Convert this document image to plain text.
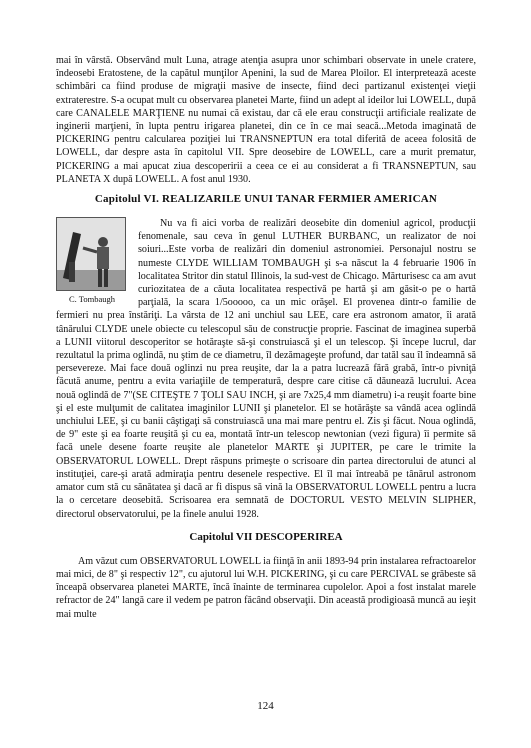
mai în vârstă. Observând mult Luna, atrage atenţia asupra unor schimbari observate in unele cratere, îndeosebi Eratostene, de la capătul munţilor Apenini, la sud de Marea Ploilor. El interpretează aceste schimbări ca fiind produse de migraţii masive de insecte, fiind deci partizanul existenţei vieţii extraterestre. S-a ocupat mult cu observarea planetei Marte, fiind un adept al ideilor lui LOWELL, după care CANALELE MARŢIENE nu numai că existau, dar că ele erau construcţii artificiale realizate de inginerii marţieni, în lupta pentru irigarea planetei, din ce în ce mai seacă...Metoda imaginată de PICKERING pentru calcularea poziţiei lui TRANSNEPTUN era total diferită de aceea folosită de LOWELL, dar despre asta în capitolul VII. Spre deosebire de LOWELL, care a murit prematur, PICKERING a mai apucat ziua descoperirii a ceea ce ei au considerat a fi TRANSNEPTUN, sau PLANETA X după LOWELL. A fost anul 1930.

Capitolul VI. REALIZARILE UNUI TANAR FERMIER AMERICAN
C. Tombaugh

Nu va fi aici vorba de realizări deosebite din domeniul agricol, producţii fenomenale, sau ceva în genul LUTHER BURBANC, un realizator de noi soiuri...Este vorba de realizări din domeniul astronomiei. Personajul nostru se numeste CLYDE WILLIAM TOMBAUGH şi s-a născut la 4 februarie 1906 în localitatea Stritor din statul Illinois, la sud-vest de Chicago. Mărturisesc ca am avut curiozitatea de a căuta localitatea respectivă pe hartă şi am găsit-o pe o hartă parţială, la scara 1/5ooooo, ca un mic orăşel. El provenea dintr-o familie de fermieri nu prea înstăriţi. La vârsta de 12 ani unchiul sau LEE, care era astronom amator, îi arată tânărului CLYDE unele obiecte cu telescopul său de construcţie proprie. Fascinat de imaginea superbă a LUNII viitorul descoperitor se hotăraşte să-şi construiască şi el un telescop. Şi începe lucrul, dar rezultatul la prima oglindă, nu ştim de ce diametru, îl dezămageşte profund, dar tatăl sau îl îndeamnă să persevereze. Mai face două oglinzi nu prea reuşite, dar la a patra lucrează fără grabă, într-o pivniţă făcută anume, pentru a evita variaţiile de temperatură, despre care citise că dăunează lucrului. Acea nouă oglindă de 7"(SE CITEŞTE 7 ŢOLI SAU INCH, şi are 7x25,4 mm diametru) i-a reuşit foarte bine şi el este mulţumit de calitatea imaginilor LUNII şi planetelor. El se hotărăşte sa vândă acea oglindă unchiului LEE, şi cu banii câştigaţi să construiască una mai mare pentru el. Zis şi făcut. Noua oglindă, de 9" este şi ea foarte reuşită şi cu ea, montată într-un telescop newtonian (vezi figura) îi permite să facă unele desene foarte reuşite ale planetelor MARTE şi JUPITER, pe care le trimite la OBSERVATORUL LOWELL. Drept răspuns primeşte o scrisoare din partea directorului de atunci al instituţiei, care-şi arată admiraţia pentru desenele respective. El îl mai întreabă pe tânărul astronom amator cum stă cu sănătatea şi dacă ar fi dispus să vină la OBSERVATORUL LOWELL pentru a lucra la o cercetare deosebită. Scrisoarea era semnată de DOCTORUL VESTO MELVIN SLIPHER, directorul observatorului, pe la finele anului 1928.

Capitolul VII DESCOPERIREA

Am văzut cum OBSERVATORUL LOWELL ia fiinţă în anii 1893-94 prin instalarea refractoarelor mai mici, de 8" şi respectiv 12", cu ajutorul lui W.H. PICKERING, şi cu care PERCIVAL se grăbeste să înceapă observarea planetei MARTE, încă înainte de terminarea cupolelor. Apoi a fost instalat marele refractor de 24" langă care il vedem pe patron făcând observaţii. Din această prodigioasă muncă au ieşit mai multe

124
